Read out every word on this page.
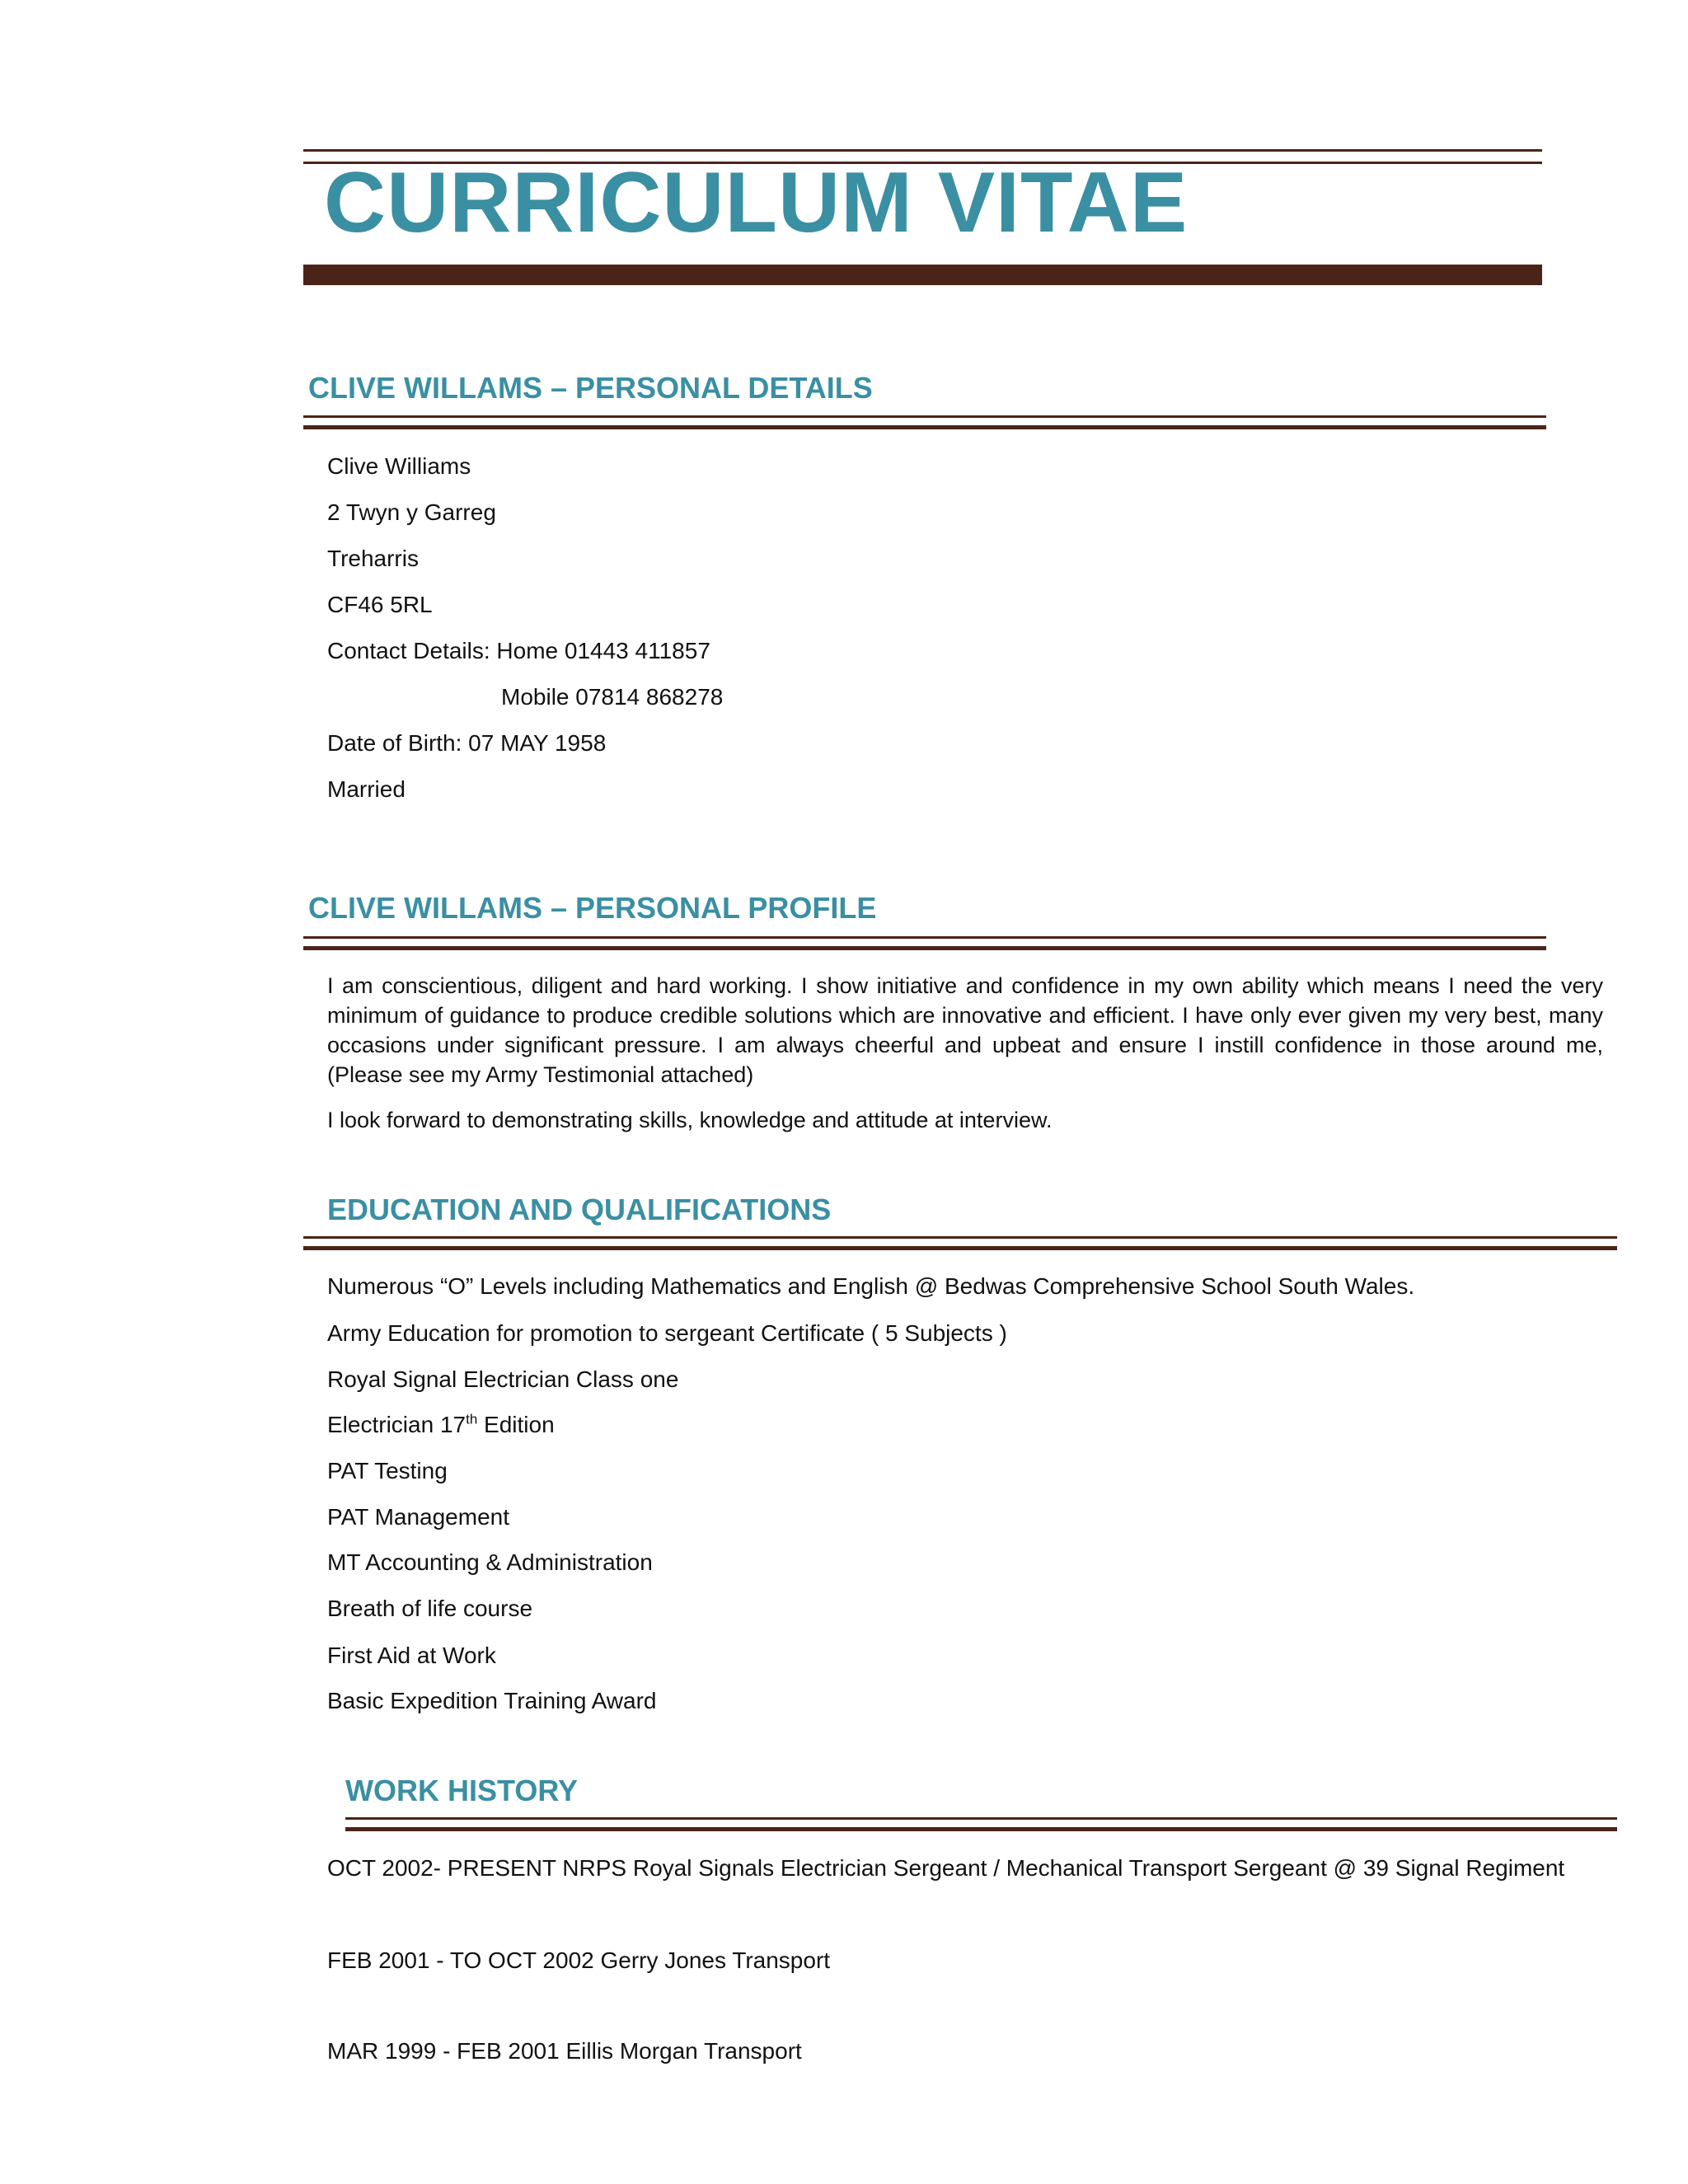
CURRICULUM VITAE
CLIVE WILLAMS – PERSONAL DETAILS
Clive Williams
2 Twyn y Garreg
Treharris
CF46 5RL
Contact Details: Home 01443 411857
Mobile 07814 868278
Date of Birth: 07 MAY 1958
Married
CLIVE WILLAMS – PERSONAL PROFILE
I am conscientious, diligent and hard working. I show initiative and confidence in my own ability which means I need the very minimum of guidance to produce credible solutions which are innovative and efficient. I have only ever given my very best, many occasions under significant pressure. I am always cheerful and upbeat and ensure I instill confidence in those around me, (Please see my Army Testimonial attached)
I look forward to demonstrating skills, knowledge and attitude at interview.
EDUCATION AND QUALIFICATIONS
Numerous “O” Levels including Mathematics and English @ Bedwas Comprehensive School South Wales.
Army Education for promotion to sergeant Certificate ( 5 Subjects )
Royal Signal Electrician Class one
Electrician 17th Edition
PAT Testing
PAT Management
MT Accounting & Administration
Breath of life course
First Aid at Work
Basic Expedition Training Award
WORK HISTORY
OCT 2002- PRESENT NRPS Royal Signals Electrician Sergeant / Mechanical Transport Sergeant @ 39 Signal Regiment
FEB 2001 - TO OCT 2002 Gerry Jones Transport
MAR 1999 - FEB 2001 Eillis Morgan Transport
